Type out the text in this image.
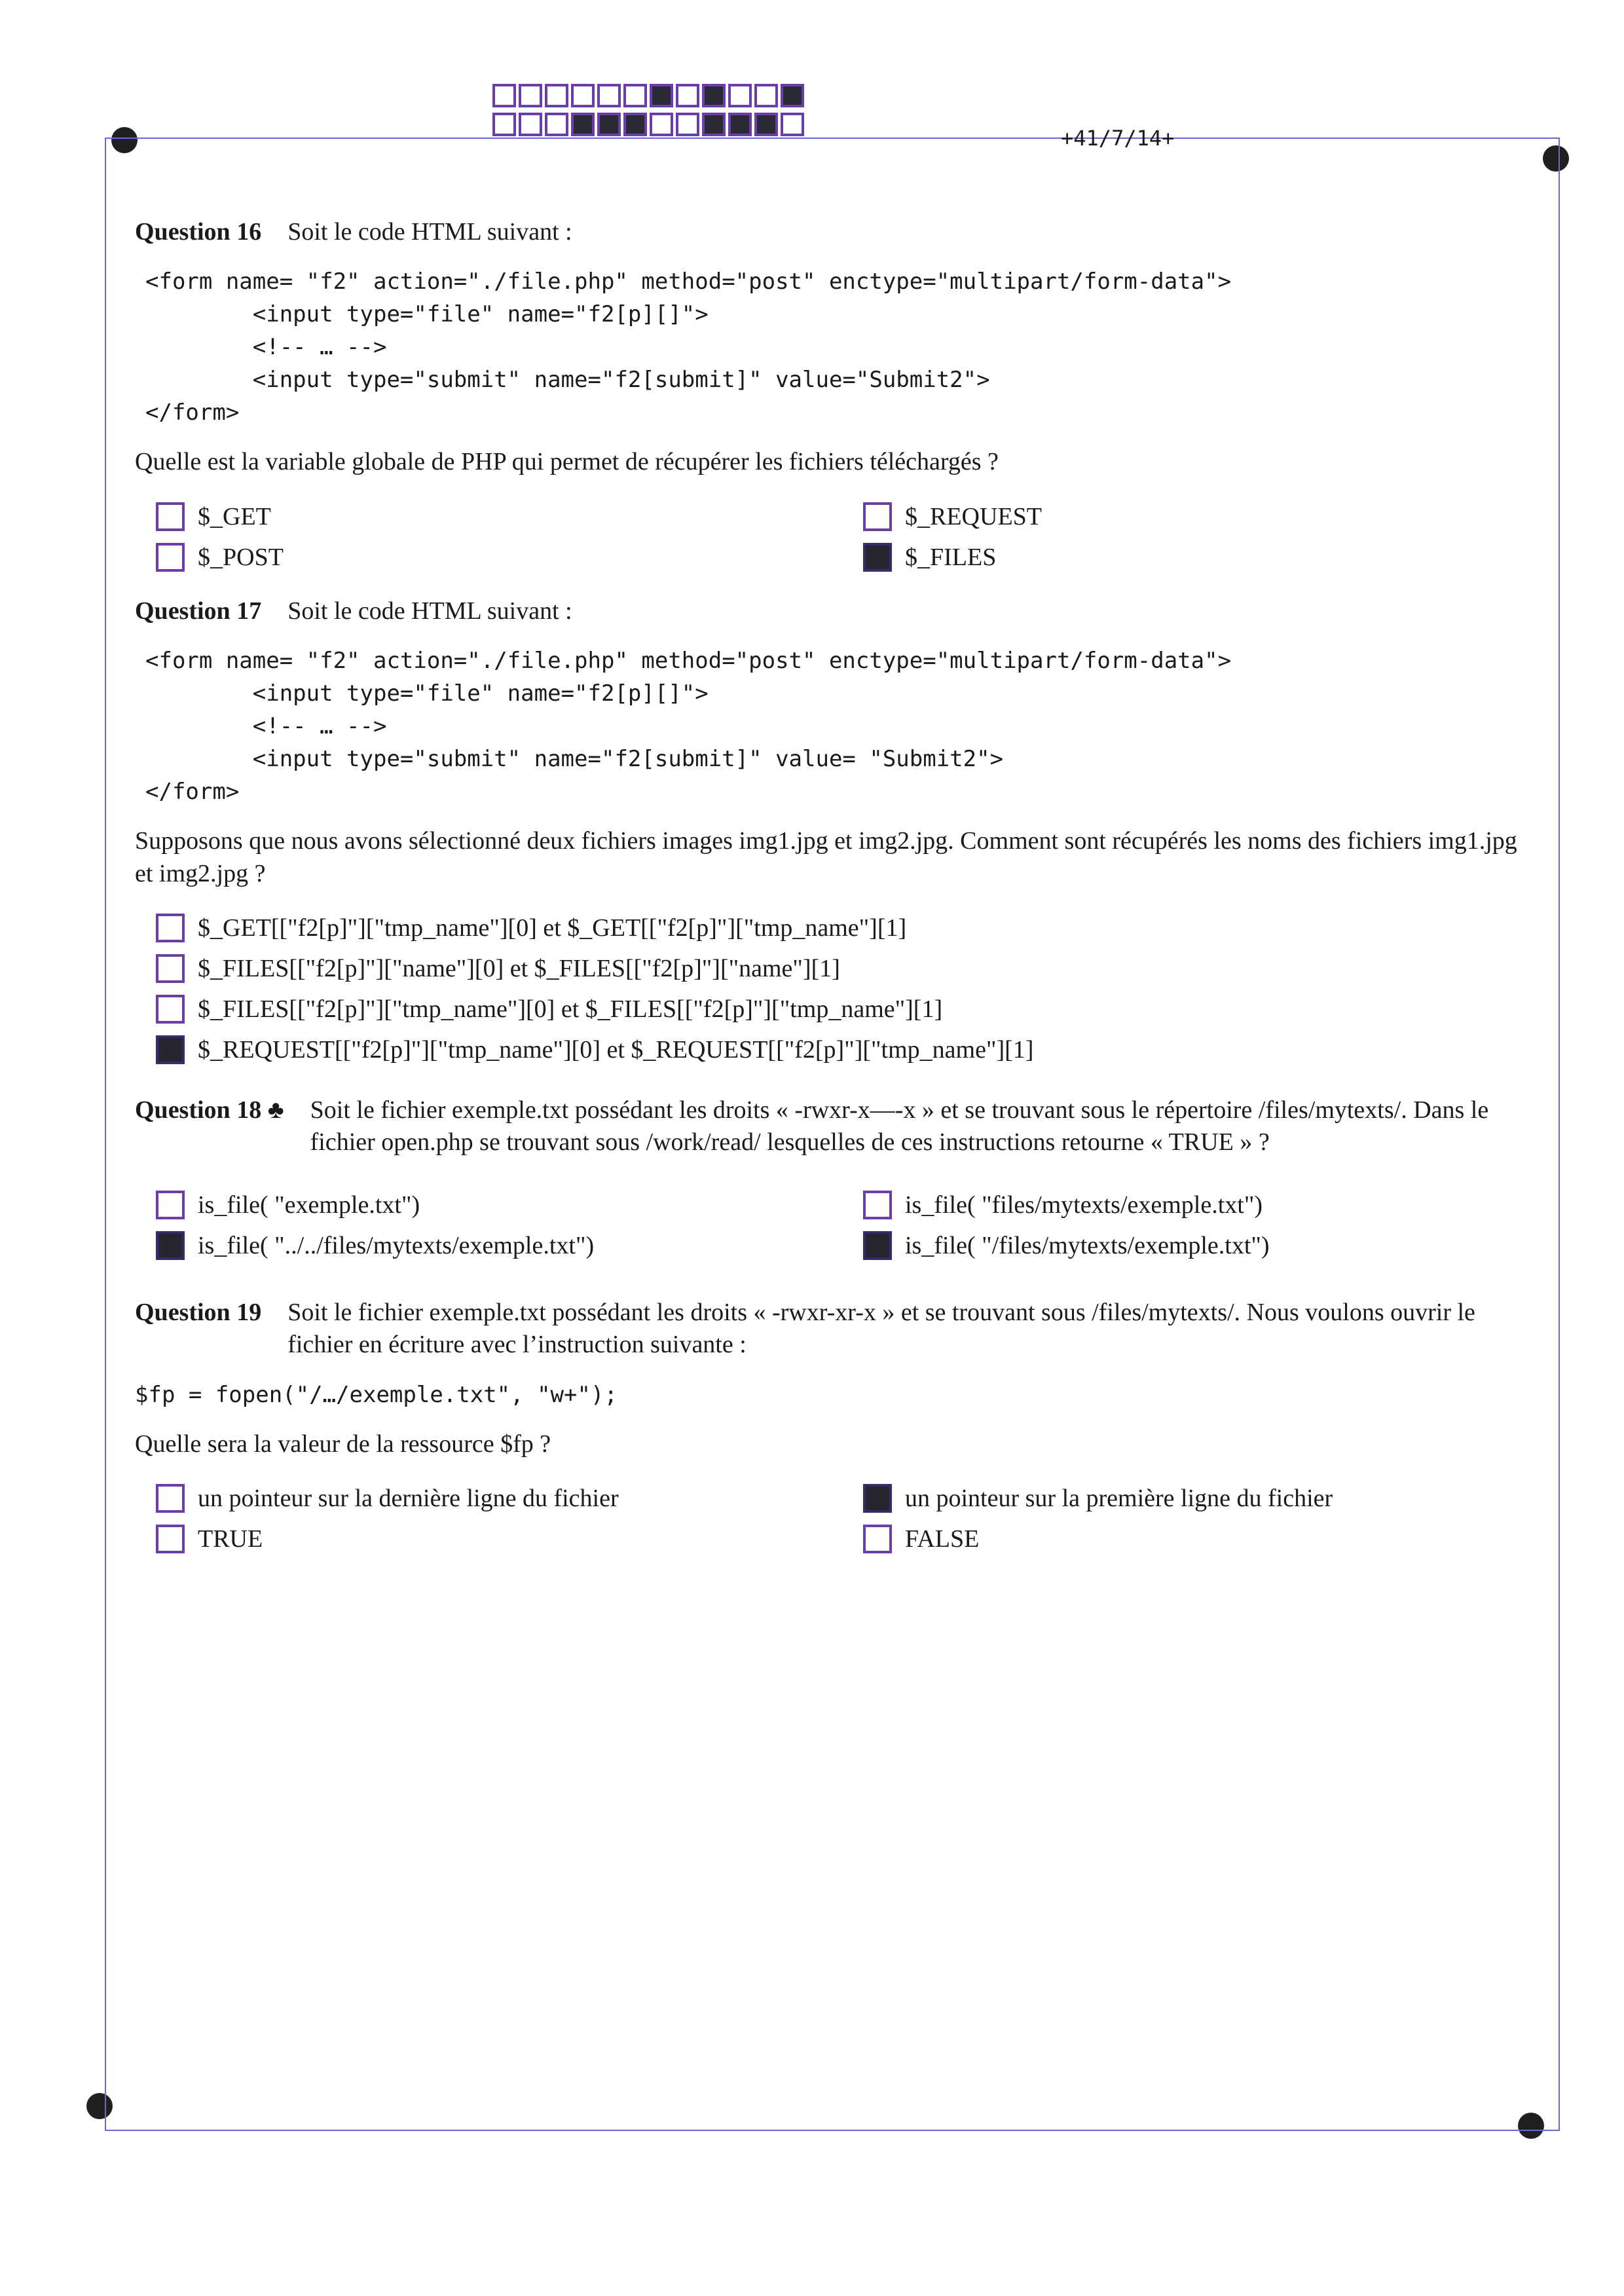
+41/7/14+
Question 16 Soit le code HTML suivant :
<form name= "f2" action="./file.php" method="post" enctype="multipart/form-data">
<input type="file" name="f2[p][]">
<!-- … -->
<input type="submit" name="f2[submit]" value="Submit2">
</form>
Quelle est la variable globale de PHP qui permet de récupérer les fichiers téléchargés ?
$_GET	$_REQUEST
$_POST	$_FILES
Question 17 Soit le code HTML suivant :
<form name= "f2" action="./file.php" method="post" enctype="multipart/form-data">
<input type="file" name="f2[p][]">
<!-- … -->
<input type="submit" name="f2[submit]" value= "Submit2">
</form>
Supposons que nous avons sélectionné deux fichiers images img1.jpg et img2.jpg. Comment sont récupérés les noms des fichiers img1.jpg et img2.jpg ?
$_GET[["f2[p]"]["tmp_name"][0] et $_GET[["f2[p]"]["tmp_name"][1]
$_FILES[["f2[p]"]["name"][0] et $_FILES[["f2[p]"]["name"][1]
$_FILES[["f2[p]"]["tmp_name"][0] et $_FILES[["f2[p]"]["tmp_name"][1]
$_REQUEST[["f2[p]"]["tmp_name"][0] et $_REQUEST[["f2[p]"]["tmp_name"][1]
Question 18 ♣ Soit le fichier exemple.txt possédant les droits « -rwxr-x—-x » et se trouvant sous le répertoire /files/mytexts/. Dans le fichier open.php se trouvant sous /work/read/ lesquelles de ces instructions retourne « TRUE » ?
is_file( "exemple.txt")	is_file( "files/mytexts/exemple.txt")
is_file( "../../files/mytexts/exemple.txt")	is_file( "/files/mytexts/exemple.txt")
Question 19 Soit le fichier exemple.txt possédant les droits « -rwxr-xr-x » et se trouvant sous /files/mytexts/. Nous voulons ouvrir le fichier en écriture avec l’instruction suivante :
$fp = fopen("/…/exemple.txt", "w+");
Quelle sera la valeur de la ressource $fp ?
un pointeur sur la dernière ligne du fichier	un pointeur sur la première ligne du fichier
TRUE	FALSE
